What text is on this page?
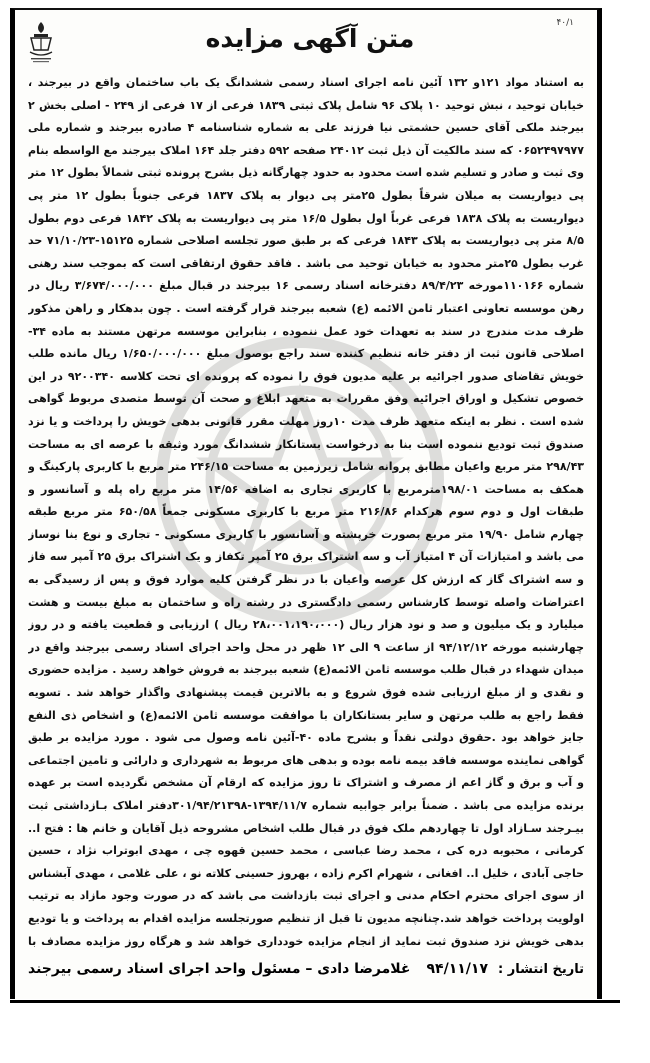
متن آگهی مزایده
۴۰/۱
به استناد مواد ۱۲۱و ۱۳۲ آئین نامه اجرای اسناد رسمی ششدانگ یک باب ساختمان واقع در بیرجند ، خیابان توحید ، نبش توحید ۱۰ پلاک ۹۶ شامل پلاک ثبتی ۱۸۳۹ فرعی از ۱۷ فرعی از ۲۴۹ - اصلی بخش ۲ بیرجند ملکی آقای حسین حشمتی نیا فرزند علی به شماره شناسنامه ۴ صادره بیرجند و شماره ملی ۰۶۵۲۴۹۷۹۷۷ که سند مالکیت آن ذیل ثبت ۲۴۰۱۲ صفحه ۵۹۲ دفتر جلد ۱۶۴ املاک بیرجند مع الواسطه بنام وی ثبت و صادر و تسلیم شده است محدود به حدود چهارگانه ذیل بشرح پرونده ثبتی شمالاً بطول ۱۲ متر پی دیواریست به میلان شرقاً بطول ۲۵متر پی دیوار به پلاک ۱۸۳۷ فرعی جنوباً بطول ۱۲ متر پی دیواریست به پلاک ۱۸۳۸ فرعی غرباً اول بطول ۱۶/۵ متر پی دیواریست به پلاک ۱۸۴۲ فرعی دوم بطول ۸/۵ متر پی دیواریست به پلاک ۱۸۴۳ فرعی که بر طبق صور تجلسه اصلاحی شماره ۱۵۱۲۵-۷۱/۱۰/۲۳ حد غرب بطول ۲۵متر محدود به خیابان توحید می باشد . فاقد حقوق ارتفاقی است که بموجب سند رهنی شماره ۱۱۰۱۶۶مورخه ۸۹/۴/۲۳ دفترخانه اسناد رسمی ۱۶ بیرجند در قبال مبلغ ۳/۶۷۴/۰۰۰/۰۰۰ ریال در رهن موسسه تعاونی اعتبار ثامن الائمه (ع) شعبه بیرجند قرار گرفته است . چون بدهکار و راهن مذکور ظرف مدت مندرج در سند به تعهدات خود عمل ننموده ، بنابراین موسسه مرتهن مستند به ماده ۳۴- اصلاحی قانون ثبت از دفتر خانه تنظیم کننده سند راجع بوصول مبلغ ۱/۶۵۰/۰۰۰/۰۰۰ ریال مانده طلب خویش تقاضای صدور اجرائیه بر علیه مدیون فوق را نموده که پرونده ای تحت کلاسه ۹۲۰۰۳۴۰ در این خصوص تشکیل و اوراق اجرائیه وفق مقررات به متعهد ابلاغ و صحت آن توسط متصدی مربوط گواهی شده است . نظر به اینکه متعهد ظرف مدت ۱۰روز مهلت مقرر قانونی بدهی خویش را پرداخت و یا نزد صندوق ثبت تودیع ننموده است بنا به درخواست بستانکار ششدانگ مورد وثیقه با عرصه ای به مساحت ۲۹۸/۴۳ متر مربع واعیان مطابق پروانه شامل زیرزمین به مساحت ۲۴۶/۱۵ متر مربع با کاربری پارکینگ و همکف به مساحت ۱۹۸/۰۱مترمربع با کاربری تجاری به اضافه ۱۴/۵۶ متر مربع راه پله و آسانسور و طبقات اول و دوم سوم هرکدام ۲۱۶/۸۶ متر مربع با کاربری مسکونی جمعاً ۶۵۰/۵۸ متر مربع طبقه چهارم شامل ۱۹/۹۰ متر مربع بصورت خرپشته و آسانسور با کاربری مسکونی - تجاری و نوع بنا نوساز می باشد و امتیازات آن ۴ امتیاز آب و سه اشتراک برق ۲۵ آمپر تکفاز و یک اشتراک برق ۲۵ آمپر سه فاز و سه اشتراک گاز که ارزش کل عرصه واعیان با در نظر گرفتن کلیه موارد فوق و پس از رسیدگی به اعتراضات واصله توسط کارشناس رسمی دادگستری در رشته راه و ساختمان به مبلغ بیست و هشت میلیارد و یک میلیون و صد و نود هزار ریال (۲۸،۰۰۱،۱۹۰،۰۰۰ ریال ) ارزیابی و قطعیت یافته و در روز چهارشنبه مورخه ۹۴/۱۲/۱۲ از ساعت ۹ الی ۱۲ ظهر در محل واحد اجرای اسناد رسمی بیرجند واقع در میدان شهداء در قبال طلب موسسه ثامن الائمه(ع) شعبه بیرجند به فروش خواهد رسید . مزایده حضوری و نقدی و از مبلغ ارزیابی شده فوق شروع و به بالاترین قیمت پیشنهادی واگذار خواهد شد . تسویه فقط راجع به طلب مرتهن و سایر بستانکاران با موافقت موسسه ثامن الائمه(ع) و اشخاص ذی النفع جایز خواهد بود .حقوق دولتی نقداً و بشرح ماده ۴۰-آئین نامه وصول می شود . مورد مزایده بر طبق گواهی نماینده موسسه فاقد بیمه نامه بوده و بدهی های مربوط به شهرداری و دارائی و تامین اجتماعی و آب و برق و گاز اعم از مصرف و اشتراک تا روز مزایده که ارقام آن مشخص نگردیده است بر عهده برنده مزایده می باشد . ضمناً برابر جوابیه شماره ۱۳۹۴/۱۱/۷-۳۰۱/۹۴/۲۱۳۹۸دفتر املاک بـازداشتی ثبت بیـرجند سـازاد اول تا چهاردهم ملک فوق در قبال طلب اشخاص مشروحه ذیل آقایان و خانم ها : فتح ا.. کرمانی ، محبوبه دره کی ، محمد رضا عباسی ، محمد حسین قهوه چی ، مهدی ابوتراب نژاد ، حسین حاجی آبادی ، خلیل ا.. افغانی ، شهرام اکرم زاده ، بهروز حسینی کلاته نو ، علی غلامی ، مهدی آبشناس از سوی اجرای محترم احکام مدنی و اجرای ثبت بازداشت می باشد که در صورت وجود مازاد به ترتیب اولویت پرداخت خواهد شد.چنانچه مدیون تا قبل از تنظیم صورتجلسه مزایده اقدام به پرداخت و یا تودیع بدهی خویش نزد صندوق ثبت نماید از انجام مزایده خودداری خواهد شد و هرگاه روز مزایده مصادف با
تاریخ انتشار :
۹۴/۱۱/۱۷
غلامرضا دادی – مسئول واحد اجرای اسناد رسمی بیرجند
